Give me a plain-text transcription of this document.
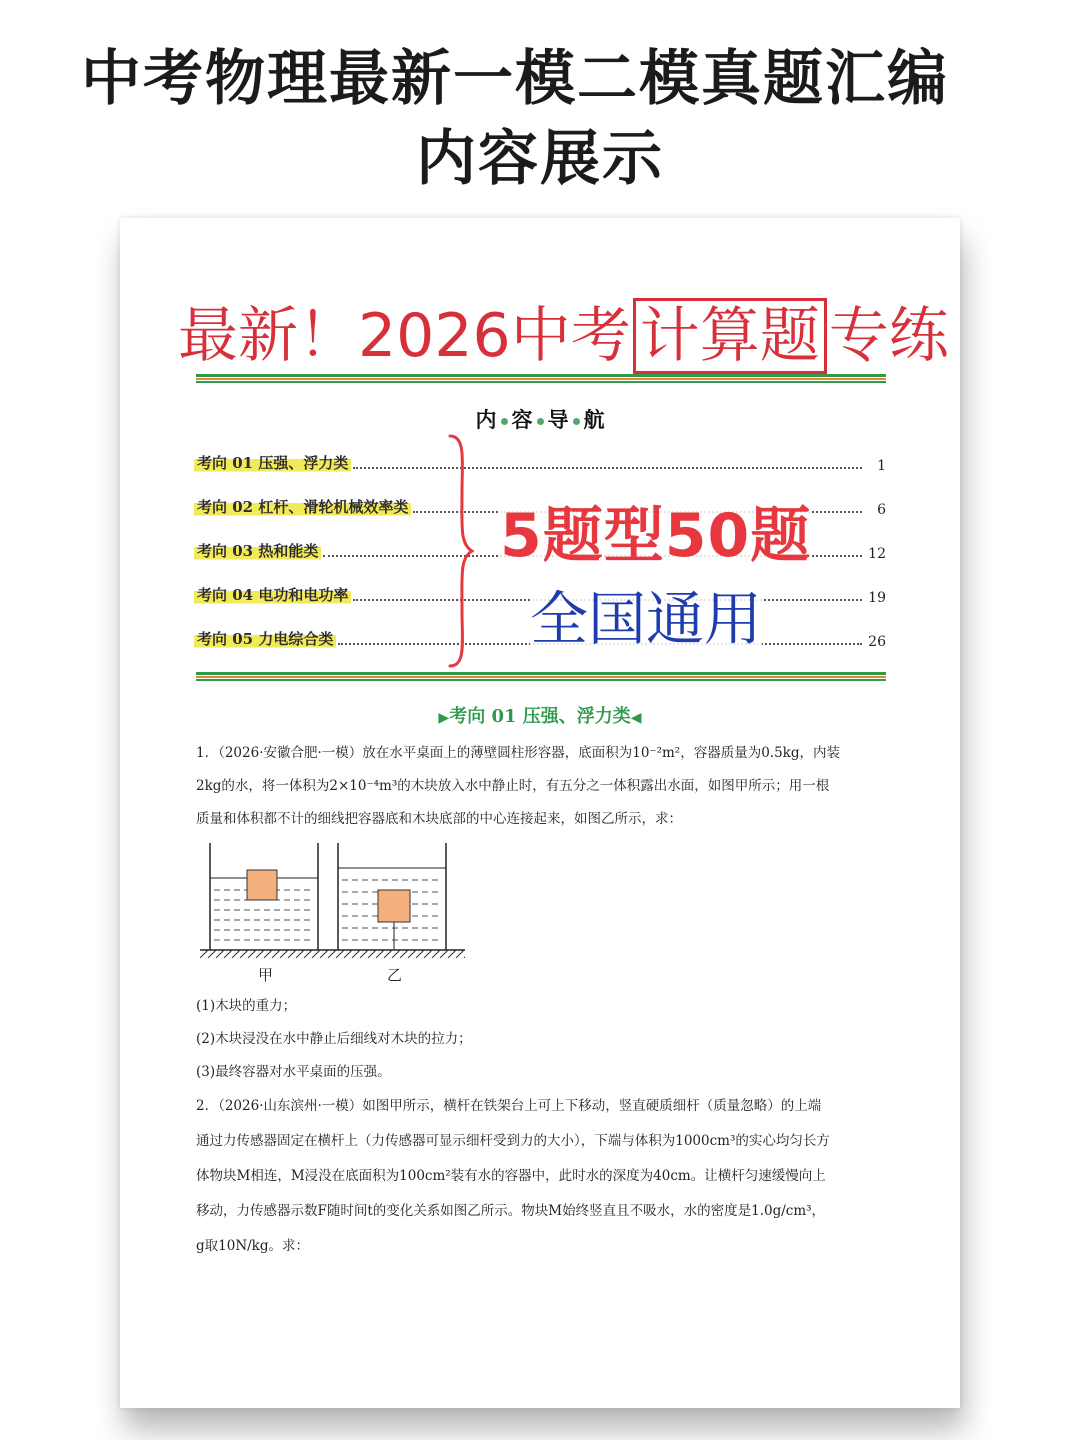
中考物理最新一模二模真题汇编
内容展示
最新！2026中考 计算题 专练
内 容 导 航
考向 01 压强、浮力类	1
考向 02 杠杆、滑轮机械效率类	6
考向 03 热和能类	12
考向 04 电功和电功率	19
考向 05 力电综合类	26
5题型50题
全国通用
▶考向 01 压强、浮力类◀
1．（2026·安徽合肥·一模）放在水平桌面上的薄壁圆柱形容器，底面积为10⁻²m²，容器质量为0.5kg，内装
2kg的水，将一体积为2×10⁻⁴m³的木块放入水中静止时，有五分之一体积露出水面，如图甲所示；用一根
质量和体积都不计的细线把容器底和木块底部的中心连接起来，如图乙所示，求：
甲	乙
(1)木块的重力；
(2)木块浸没在水中静止后细线对木块的拉力；
(3)最终容器对水平桌面的压强。
2．（2026·山东滨州·一模）如图甲所示，横杆在铁架台上可上下移动，竖直硬质细杆（质量忽略）的上端
通过力传感器固定在横杆上（力传感器可显示细杆受到力的大小），下端与体积为1000cm³的实心均匀长方
体物块M相连，M浸没在底面积为100cm²装有水的容器中，此时水的深度为40cm。让横杆匀速缓慢向上
移动，力传感器示数F随时间t的变化关系如图乙所示。物块M始终竖直且不吸水，水的密度是1.0g/cm³，
g取10N/kg。求：
